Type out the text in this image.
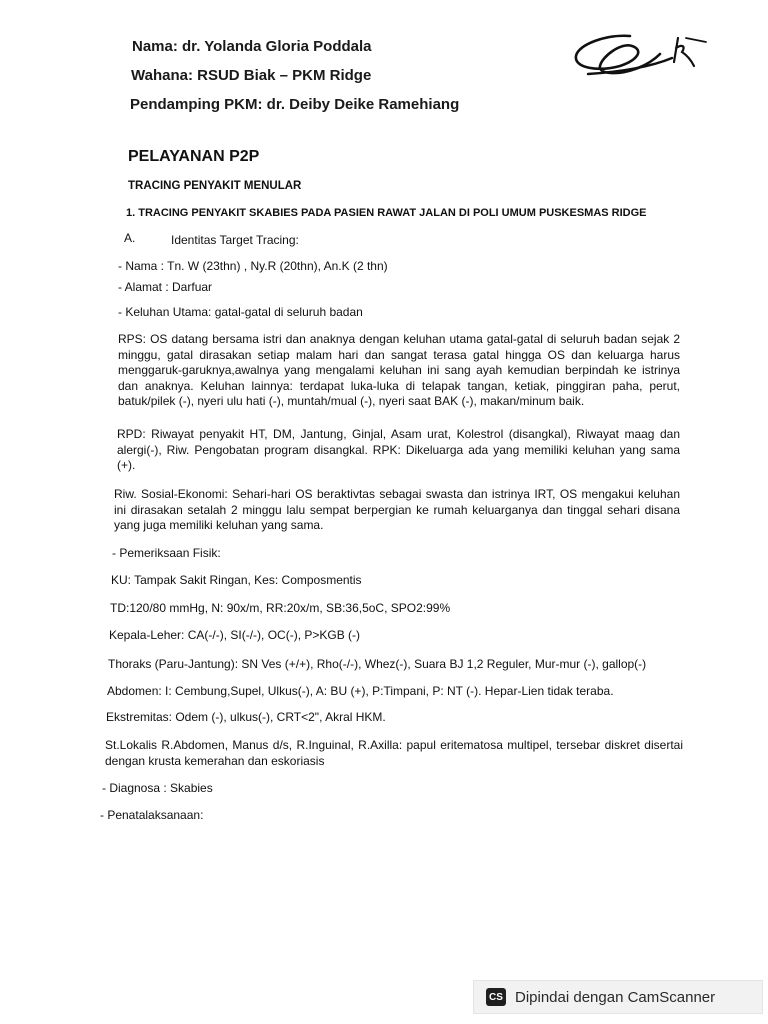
Nama: dr. Yolanda Gloria Poddala
Wahana: RSUD Biak – PKM Ridge
Pendamping PKM: dr. Deiby Deike Ramehiang
PELAYANAN P2P
TRACING PENYAKIT MENULAR
1. TRACING PENYAKIT SKABIES PADA PASIEN RAWAT JALAN DI POLI UMUM PUSKESMAS RIDGE
A.	Identitas Target Tracing:
- Nama : Tn. W (23thn) , Ny.R (20thn), An.K (2 thn)
- Alamat : Darfuar
- Keluhan Utama: gatal-gatal di seluruh badan
RPS: OS datang bersama istri dan anaknya dengan keluhan utama gatal-gatal di seluruh badan sejak 2 minggu, gatal dirasakan setiap malam hari dan sangat terasa gatal hingga OS dan keluarga harus menggaruk-garuknya,awalnya yang mengalami keluhan ini sang ayah kemudian berpindah ke istrinya dan anaknya. Keluhan lainnya: terdapat luka-luka di telapak tangan, ketiak, pinggiran paha, perut, batuk/pilek (-), nyeri ulu hati (-), muntah/mual (-), nyeri saat BAK (-), makan/minum baik.
RPD: Riwayat penyakit HT, DM, Jantung, Ginjal, Asam urat, Kolestrol (disangkal), Riwayat maag dan alergi(-), Riw. Pengobatan program disangkal. RPK: Dikeluarga ada yang memiliki keluhan yang sama (+).
Riw. Sosial-Ekonomi: Sehari-hari OS beraktivtas sebagai swasta dan istrinya IRT, OS mengakui keluhan ini dirasakan setalah 2 minggu lalu sempat berpergian ke rumah keluarganya dan tinggal sehari disana yang juga memiliki keluhan yang sama.
- Pemeriksaan Fisik:
KU: Tampak Sakit Ringan, Kes: Composmentis
TD:120/80 mmHg, N: 90x/m, RR:20x/m, SB:36,5oC, SPO2:99%
Kepala-Leher: CA(-/-), SI(-/-), OC(-), P>KGB (-)
Thoraks (Paru-Jantung): SN Ves (+/+), Rho(-/-), Whez(-), Suara BJ 1,2 Reguler, Mur-mur (-), gallop(-)
Abdomen: I: Cembung,Supel, Ulkus(-), A: BU (+), P:Timpani, P: NT (-). Hepar-Lien tidak teraba.
Ekstremitas: Odem (-), ulkus(-), CRT<2", Akral HKM.
St.Lokalis R.Abdomen, Manus d/s, R.Inguinal, R.Axilla: papul eritematosa multipel, tersebar diskret disertai dengan krusta kemerahan dan eskoriasis
- Diagnosa : Skabies
- Penatalaksanaan:
CS Dipindai dengan CamScanner
